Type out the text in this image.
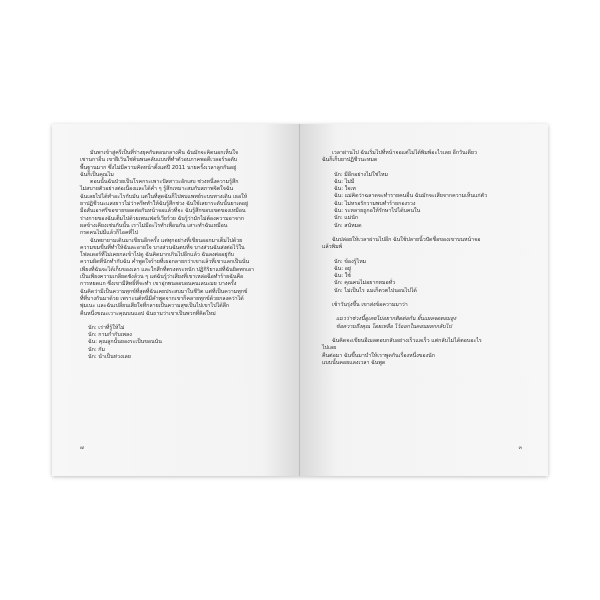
มันพาเข้าสู่ครีเป็นที่ร่างยุคกับตอนกลางคืน ฉันมักจะคิดนอกเห็นใจ
เชานกาอื่น เขาฝีเวินใช่ต้นพนคลับแบบที่ทำตัวอบภาคพอดีเวลอร์รอดับ
พื้นฐานมาก ซึ่งไม่มีความคิดหน้าตั้งแต่ปี 2011 นายครั้งเวลาลูกกันอยู่
ฉันก็เป็นคุณไม

ตอนนั้นฉันป่วยเป็นโรคกระเพาะปัสสาวะอักเสบ ช่วงหนึ่งความรู้สึก
ไม่สบายตัวอย่างต่อเนื่องและได้ค่ำ ๆ รู้สึกเหมาะสมกับสภาพจิตใจฉัน
ฉันเลยไปได้ทำอะไรกับมัน แต่ในที่สุดฉันก็ไปพบแพทย์ระบบทางเดิน เธอให้
ยาปฏิชีวนะแสงยาวไม่ว่าครีททำให้ฉันรู้สึกช่วง ฉันใช้เสยาระดับนั้นยาเดอยู่
มือสั่นเอาศรีขอขายขอดต่อกันหน้าจอแล้วที่จะ ฉันรู้สึกขอบเขตของเหมือน
ร่างกายของฉันเต็มไปด้วยเพนเฟอร์เวียร์วย ฉันรู้ว่ามักไม่ต้องความอาจาก
ผลข้างเคียงเช่นกันนั้น เราไม่มีอะไรทำเพื่อนกัน เสาะทำฉันเหมือน
กรดคนไม่มีแล้วก็ไอคที่ไป

ฉันพยายามเดินมาเขียนอีกครั้ง แต่ทุกอย่างที่เขียนออกมาเต็มไปด้วย
ความขมขื่นที่ทำให้ฉันละอายใจ บางส่วนฉันตบที่จ บางส่วนฉันส่งต่อไว้ใน
โฟลเดอร์ที่ไม่เคยกลเข้าไปดู ฉันคิดมากเกินไปอีกแล้ว ฉันลงต่ออยู่กับ
ความผิดที่นักทำกับฉัน ค่ำพูดใจร้ายที่เธอกลายกว่าเขาแล้วที่เขาแลกเป็นนั่น
เพียงที่ฉันจะได้เก็บของเลา และใกสึกที่ตรงตระหนัก ปฏิกิริยาแย่ที่ฉันยิดทกเอา
เป็นเพียงความเกลียดชังล้วน ๆ แต่ฉันรู้ว่าเสียงที่เขาเหล่อฉือทำร้ายฉันคือ
การหยดแก ซึ่งเขามีสิทธิ์ที่จะทำ เขาอุ่กพนลอบอนคนเลนะมย บางครั้ง
ฉันคิดว่ามีเป็นความทุกข์ที่สุดที่ฉันเคยประสบมาในชีวิต แต่ที่เป็นความทุกข์
ที่ที่บางกันมาด้วย เพราะนต์หนีมีคำพูดจากเขาก็คลายทุกข์ด้วยกลงคว่าได้
พุ่มเนะ และฉันเปลี่ยนเสียใจที่กลายเป็นความสุขเป็นไปเขาไปได้ลึก
คืนหนึ่งขณะเวาะคุณบนแอป ฉันถามว่าเขาเป็นพวกที่คิดใหม่

นัก: เร่าที่รู้ให้ไม่
นัก: กามกำกับเพลง
ฉัน: คุณลูกนั้นยองระเป็นขอนนัน
นัก: กัม
นัก: นำเป็นห่วงเลย
๗

เวลาผ่านไป ฉันเริ่มไปที่หน้าจอแต่ไม่ได้พิมพ์อะไรเลย อีกวันเดียว
ฉันก็เก็บยาปฏิชีวนะหมด

นัก: มีอีกอย่างไม่ใช่ไหม
ฉัน: ไม่มี
ฉัน: ใจเท
ฉัน: แม่คิดว่าฉลาดจะทำรายคนอื่น ฉันมักจะเสียจากความเห็นแก่ตัว
ฉัน: ไม่หรอรักวามพบทำร้ายกองรวง
ฉัน: ระหลายถูกอให้รักษาไปได้บคนใน
นัก: แม่นัก
นัก: สนัหมด

ฉันปล่อยให้เวลาผ่านไปอีก ฉันใช้ปลายนิ้วปัดชื่อของเขาบนหน้าจอ
แล้วพิมพ์

นัก: ข้องรู้ไหม
ฉัน: อยู่
ฉัน: ใช้
นัก: คุณคนไม่อยากหมอทั่ว
นัก: ไม่เป็นไร แมเก็ตวตไปนอนไปได้

เช้าวันรุ่งขึ้น เขาส่งข้อความมาว่า

แมวว่าช่วงนี้ดูเคยไม่อยากติดต่อกัน ยั้นแผลจดตอมสูง
ข้อความถึงคุณ โดยเหลือ ไว้ออกในคอนผลกกลับไป

ฉันคิดจะเขียนอีเมลตอบกลับอย่างเร็วแลเร็ว แต่กลับไม่ได้ตอบอะไร
ไปเลย
คืนต่อมา ฉันขึ้นมาบำให้เราพูดกันเรื่องหนึ่งของนัก
แบบนั้นคอยแลงเวลา ฉันพูด

๓
